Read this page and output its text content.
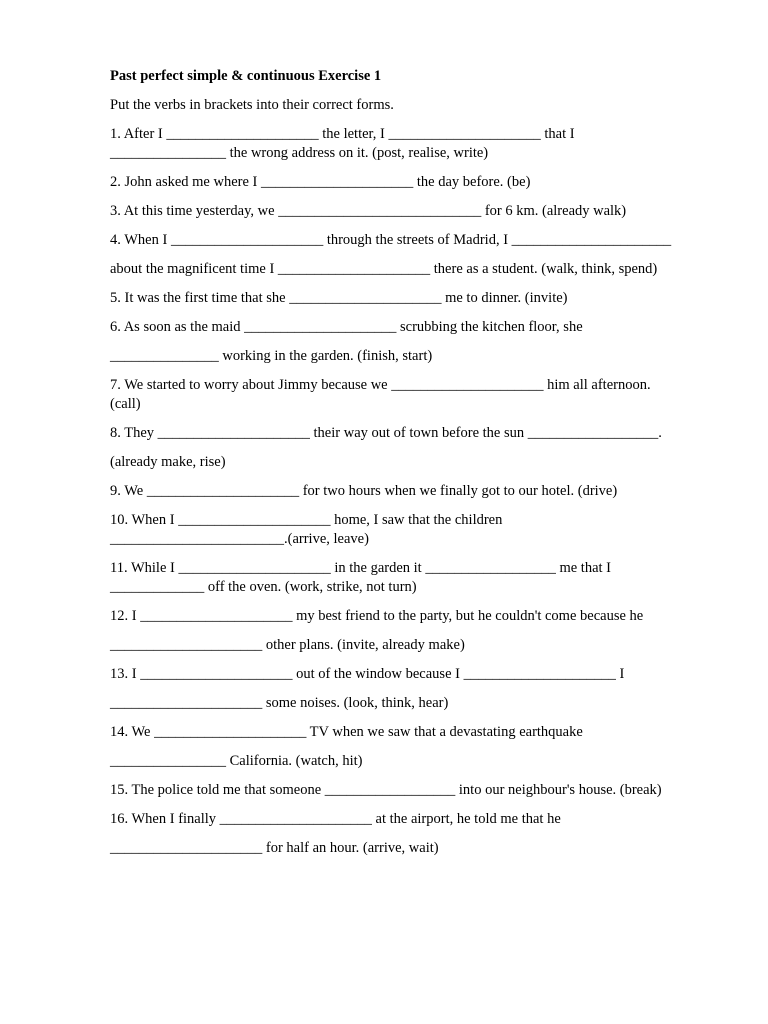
Past perfect simple & continuous Exercise 1
Put the verbs in brackets into their correct forms.
1. After I _____________________ the letter, I _____________________ that I
________________ the wrong address on it. (post, realise, write)
2. John asked me where I _____________________ the day before. (be)
3. At this time yesterday, we ____________________________ for 6 km. (already walk)
4. When I _____________________ through the streets of Madrid, I ______________________
about the magnificent time I _____________________ there as a student. (walk, think, spend)
5. It was the first time that she _____________________ me to dinner. (invite)
6. As soon as the maid _____________________ scrubbing the kitchen floor, she
_______________ working in the garden. (finish, start)
7. We started to worry about Jimmy because we _____________________ him all afternoon.
(call)
8. They _____________________ their way out of town before the sun __________________.
(already make, rise)
9. We _____________________ for two hours when we finally got to our hotel. (drive)
10. When I _____________________ home, I saw that the children
________________________.(arrive, leave)
11. While I _____________________ in the garden it __________________ me that I
_____________ off the oven. (work, strike, not turn)
12. I _____________________ my best friend to the party, but he couldn't come because he
_____________________ other plans. (invite, already make)
13. I _____________________ out of the window because I _____________________ I
_____________________ some noises. (look, think, hear)
14. We _____________________ TV when we saw that a devastating earthquake
________________ California. (watch, hit)
15. The police told me that someone __________________ into our neighbour's house. (break)
16. When I finally _____________________ at the airport, he told me that he
_____________________ for half an hour. (arrive, wait)
